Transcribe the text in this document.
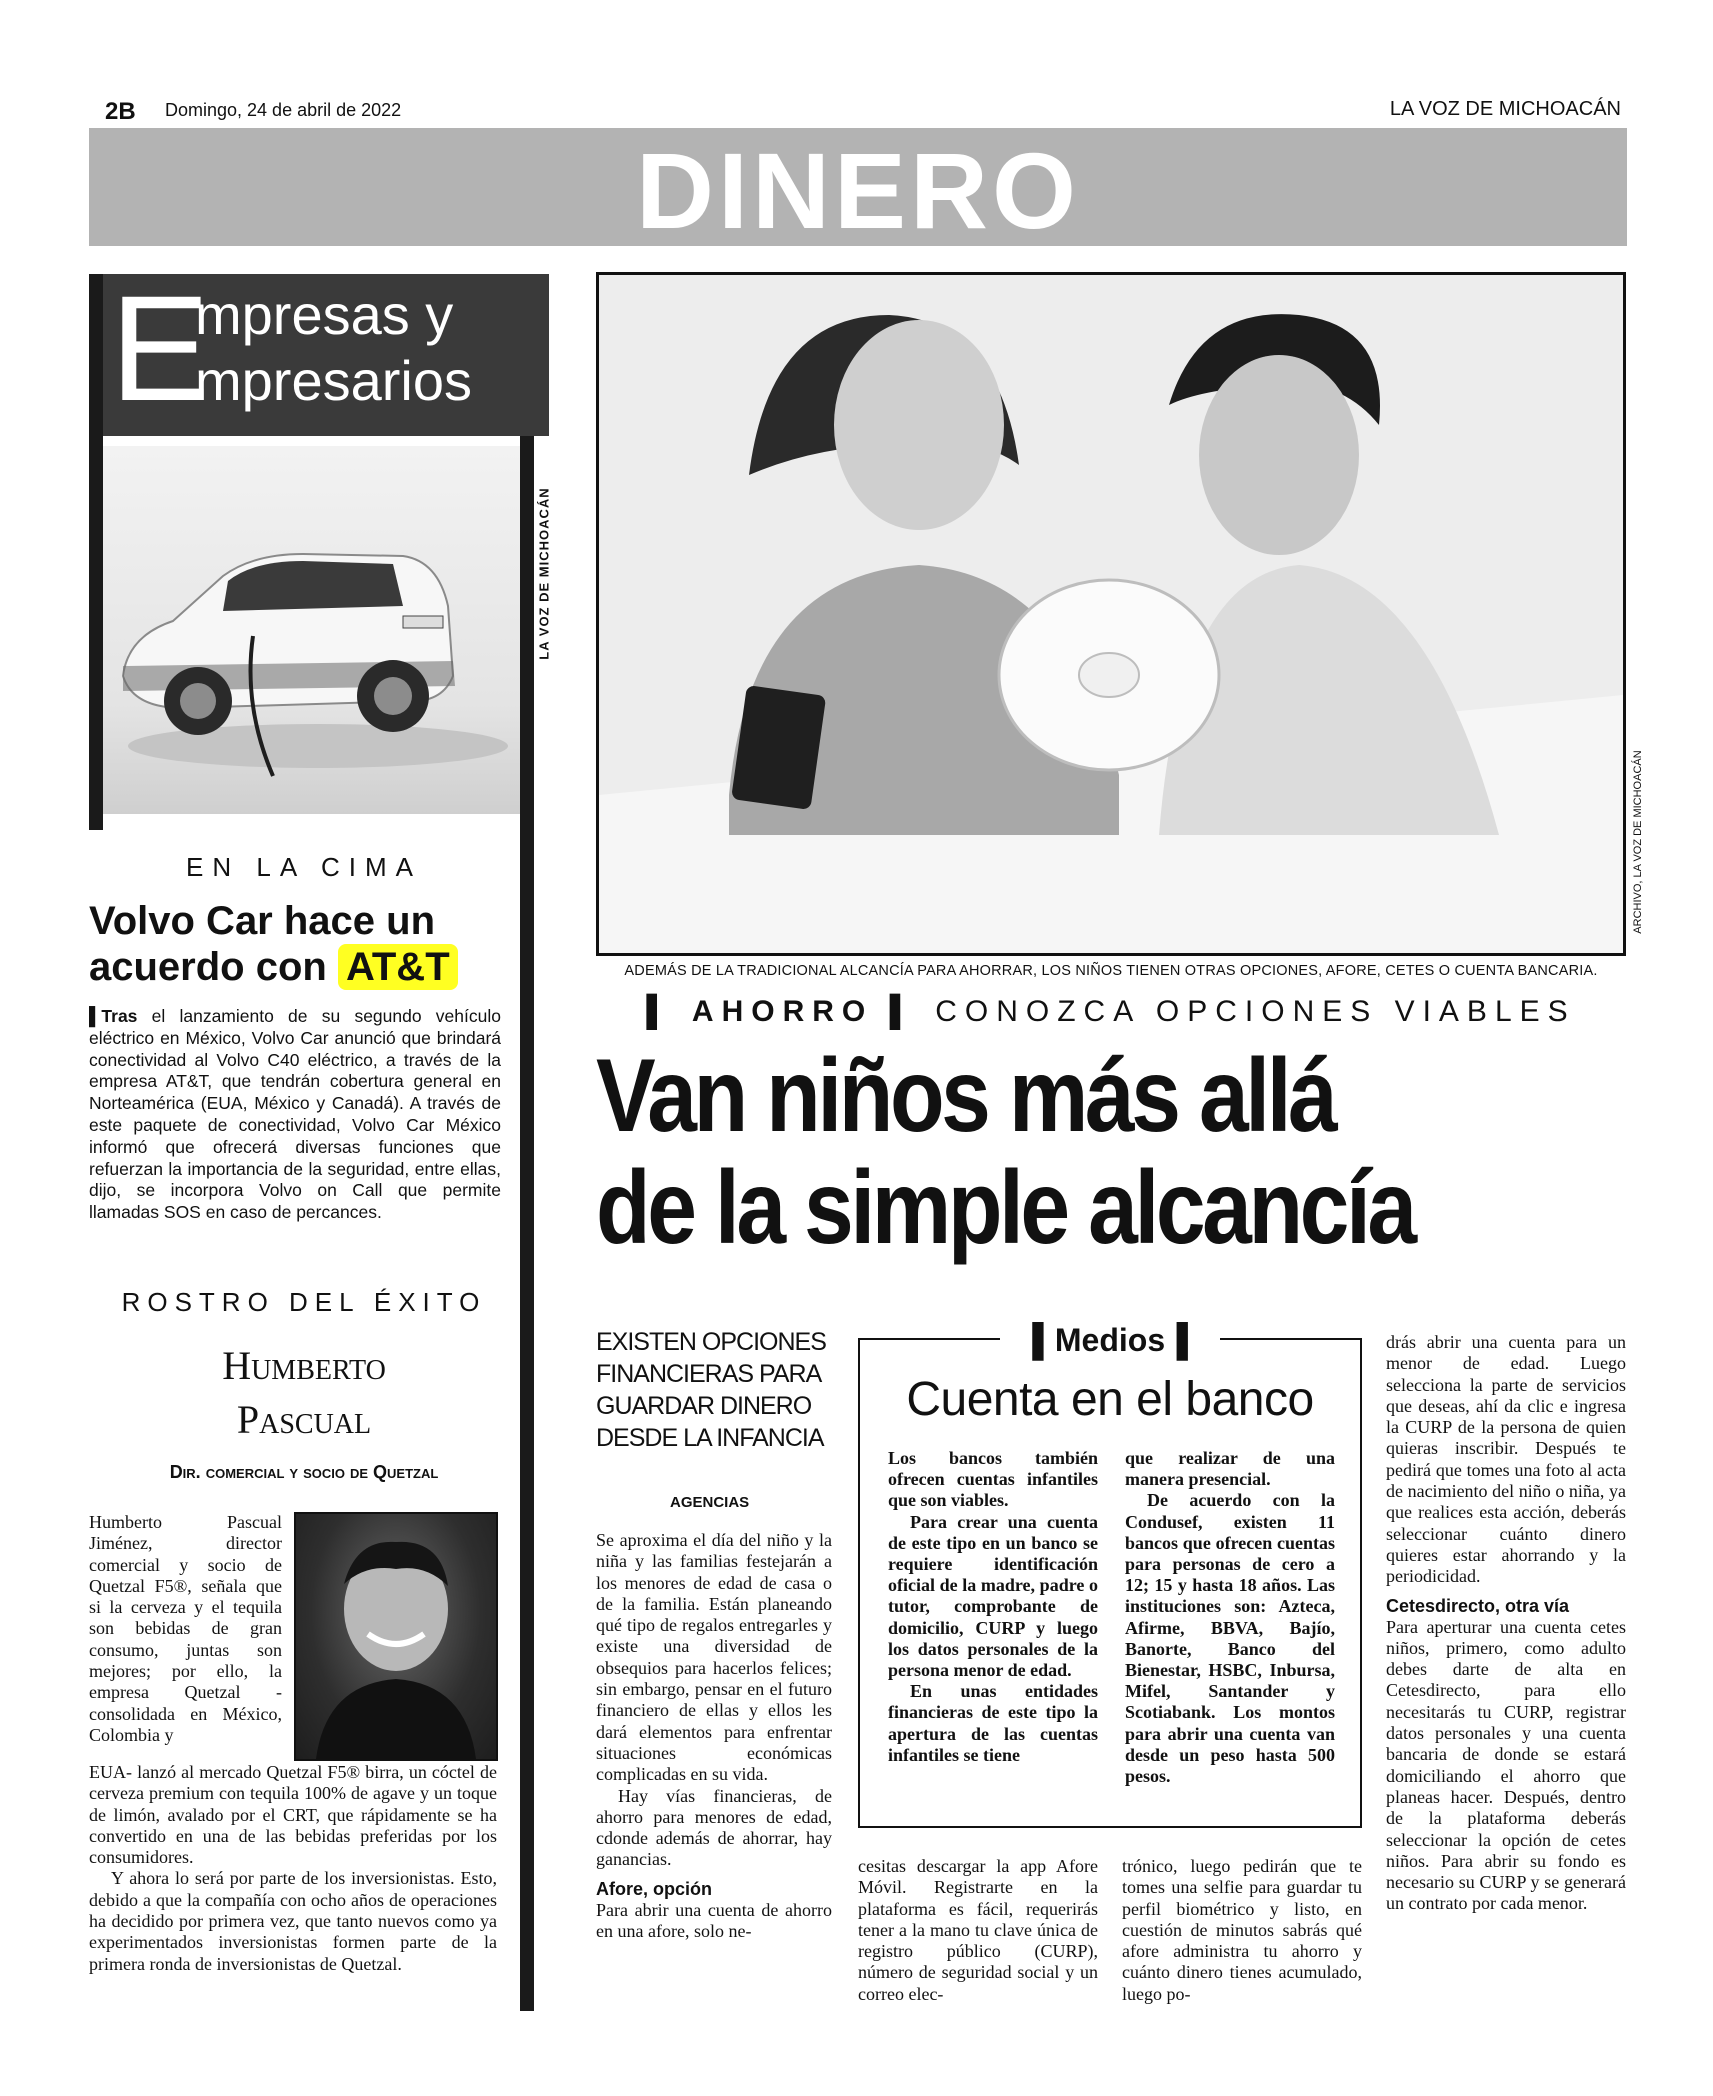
2B Domingo, 24 de abril de 2022	LA VOZ DE MICHOACÁN
DINERO
E
mpresas y
mpresarios
LA VOZ DE MICHOACÁN
EN LA CIMA
Volvo Car hace un
acuerdo con AT&T
▌Tras el lanzamiento de su segundo vehículo eléctrico en México, Volvo Car anunció que brindará conectividad al Volvo C40 eléctrico, a través de la empresa AT&T, que tendrán cobertura general en Norteamérica (EUA, México y Canadá). A través de este paquete de conectividad, Volvo Car México informó que ofrecerá diversas funciones que refuerzan la importancia de la seguridad, entre ellas, dijo, se incorpora Volvo on Call que permite llamadas SOS en caso de percances.
ROSTRO DEL ÉXITO
Humberto
Pascual
Dir. comercial y socio de Quetzal
Humberto Pascual Jiménez, director comercial y socio de Quetzal F5®, señala que si la cerveza y el tequila son bebidas de gran consumo, juntas son mejores; por ello, la empresa Quetzal - consolidada en México, Colombia y

EUA- lanzó al mercado Quetzal F5® birra, un cóctel de cerveza premium con tequila 100% de agave y un toque de limón, avalado por el CRT, que rápidamente se ha convertido en una de las bebidas preferidas por los consumidores.

Y ahora lo será por parte de los inversionistas. Esto, debido a que la compañía con ocho años de operaciones ha decidido por primera vez, que tanto nuevos como ya experimentados inversionistas formen parte de la primera ronda de inversionistas de Quetzal.

ARCHIVO, LA VOZ DE MICHOACÁN
ADEMÁS DE LA TRADICIONAL ALCANCÍA PARA AHORRAR, LOS NIÑOS TIENEN OTRAS OPCIONES, AFORE, CETES O CUENTA BANCARIA.
▌ AHORRO ▌ CONOZCA OPCIONES VIABLES
Van niños más allá
de la simple alcancía
EXISTEN OPCIONES FINANCIERAS PARA GUARDAR DINERO DESDE LA INFANCIA
AGENCIAS

Se aproxima el día del niño y la niña y las familias festejarán a los menores de edad de casa o de la familia. Están planeando qué tipo de regalos entregarles y existe una diversidad de obsequios para hacerlos felices; sin embargo, pensar en el futuro financiero de ellas y ellos les dará elementos para enfrentar situaciones económicas complicadas en su vida.

Hay vías financieras, de ahorro para menores de edad, cdonde además de ahorrar, hay ganancias.

Afore, opción

Para abrir una cuenta de ahorro en una afore, solo ne-

▌Medios▐
Cuenta en el banco

Los bancos también ofrecen cuentas infantiles que son viables.

Para crear una cuenta de este tipo en un banco se requiere identificación oficial de la madre, padre o tutor, comprobante de domicilio, CURP y luego los datos personales de la persona menor de edad.

En unas entidades financieras de este tipo la apertura de las cuentas infantiles se tiene

que realizar de una manera presencial.

De acuerdo con la Condusef, existen 11 bancos que ofrecen cuentas para personas de cero a 12; 15 y hasta 18 años. Las instituciones son: Azteca, Afirme, BBVA, Bajío, Banorte, Banco del Bienestar, HSBC, Inbursa, Mifel, Santander y Scotiabank. Los montos para abrir una cuenta van desde un peso hasta 500 pesos.

cesitas descargar la app Afore Móvil. Registrarte en la plataforma es fácil, requerirás tener a la mano tu clave única de registro público (CURP), número de seguridad social y un correo elec-
trónico, luego pedirán que te tomes una selfie para guardar tu perfil biométrico y listo, en cuestión de minutos sabrás qué afore administra tu ahorro y cuánto dinero tienes acumulado, luego po-

drás abrir una cuenta para un menor de edad. Luego selecciona la parte de servicios que deseas, ahí da clic e ingresa la CURP de la persona de quien quieras inscribir. Después te pedirá que tomes una foto al acta de nacimiento del niño o niña, ya que realices esta acción, deberás seleccionar cuánto dinero quieres estar ahorrando y la periodicidad.

Cetesdirecto, otra vía

Para aperturar una cuenta cetes niños, primero, como adulto debes darte de alta en Cetesdirecto, para ello necesitarás tu CURP, registrar datos personales y una cuenta bancaria de donde se estará domiciliando el ahorro que planeas hacer. Después, dentro de la plataforma deberás seleccionar la opción de cetes niños. Para abrir su fondo es necesario su CURP y se generará un contrato por cada menor.
